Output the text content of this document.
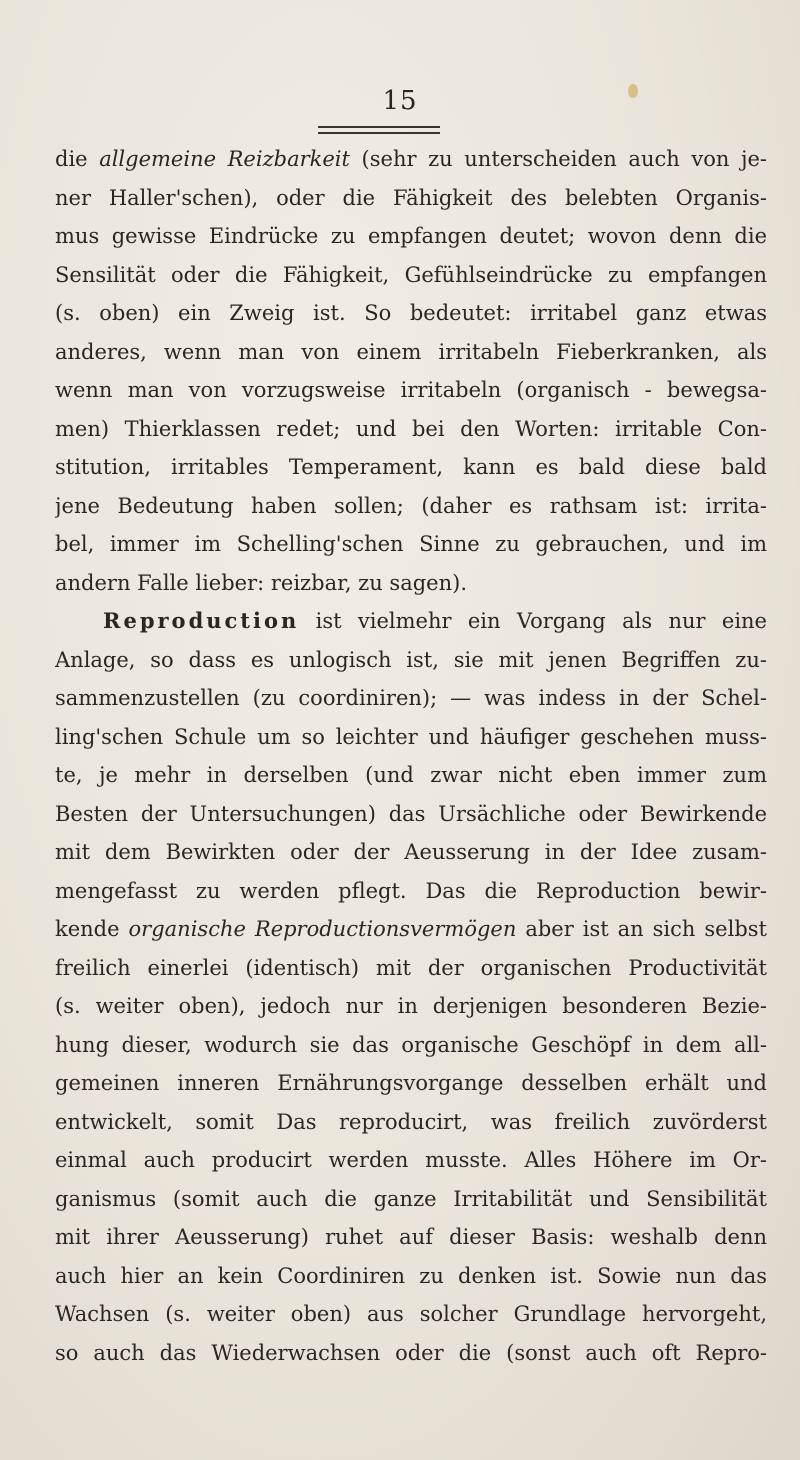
15
die allgemeine Reizbarkeit (sehr zu unterscheiden auch von je-
ner Haller'schen), oder die Fähigkeit des belebten Organis-
mus gewisse Eindrücke zu empfangen deutet; wovon denn die
Sensilität oder die Fähigkeit, Gefühlseindrücke zu empfangen
(s. oben) ein Zweig ist. So bedeutet: irritabel ganz etwas
anderes, wenn man von einem irritabeln Fieberkranken, als
wenn man von vorzugsweise irritabeln (organisch - bewegsa-
men) Thierklassen redet; und bei den Worten: irritable Con-
stitution, irritables Temperament, kann es bald diese bald
jene Bedeutung haben sollen; (daher es rathsam ist: irrita-
bel, immer im Schelling'schen Sinne zu gebrauchen, und im
andern Falle lieber: reizbar, zu sagen).
Reproduction ist vielmehr ein Vorgang als nur eine
Anlage, so dass es unlogisch ist, sie mit jenen Begriffen zu-
sammenzustellen (zu coordiniren); — was indess in der Schel-
ling'schen Schule um so leichter und häufiger geschehen muss-
te, je mehr in derselben (und zwar nicht eben immer zum
Besten der Untersuchungen) das Ursächliche oder Bewirkende
mit dem Bewirkten oder der Aeusserung in der Idee zusam-
mengefasst zu werden pflegt. Das die Reproduction bewir-
kende organische Reproductionsvermögen aber ist an sich selbst
freilich einerlei (identisch) mit der organischen Productivität
(s. weiter oben), jedoch nur in derjenigen besonderen Bezie-
hung dieser, wodurch sie das organische Geschöpf in dem all-
gemeinen inneren Ernährungsvorgange desselben erhält und
entwickelt, somit Das reproducirt, was freilich zuvörderst
einmal auch producirt werden musste. Alles Höhere im Or-
ganismus (somit auch die ganze Irritabilität und Sensibilität
mit ihrer Aeusserung) ruhet auf dieser Basis: weshalb denn
auch hier an kein Coordiniren zu denken ist. Sowie nun das
Wachsen (s. weiter oben) aus solcher Grundlage hervorgeht,
so auch das Wiederwachsen oder die (sonst auch oft Repro-
